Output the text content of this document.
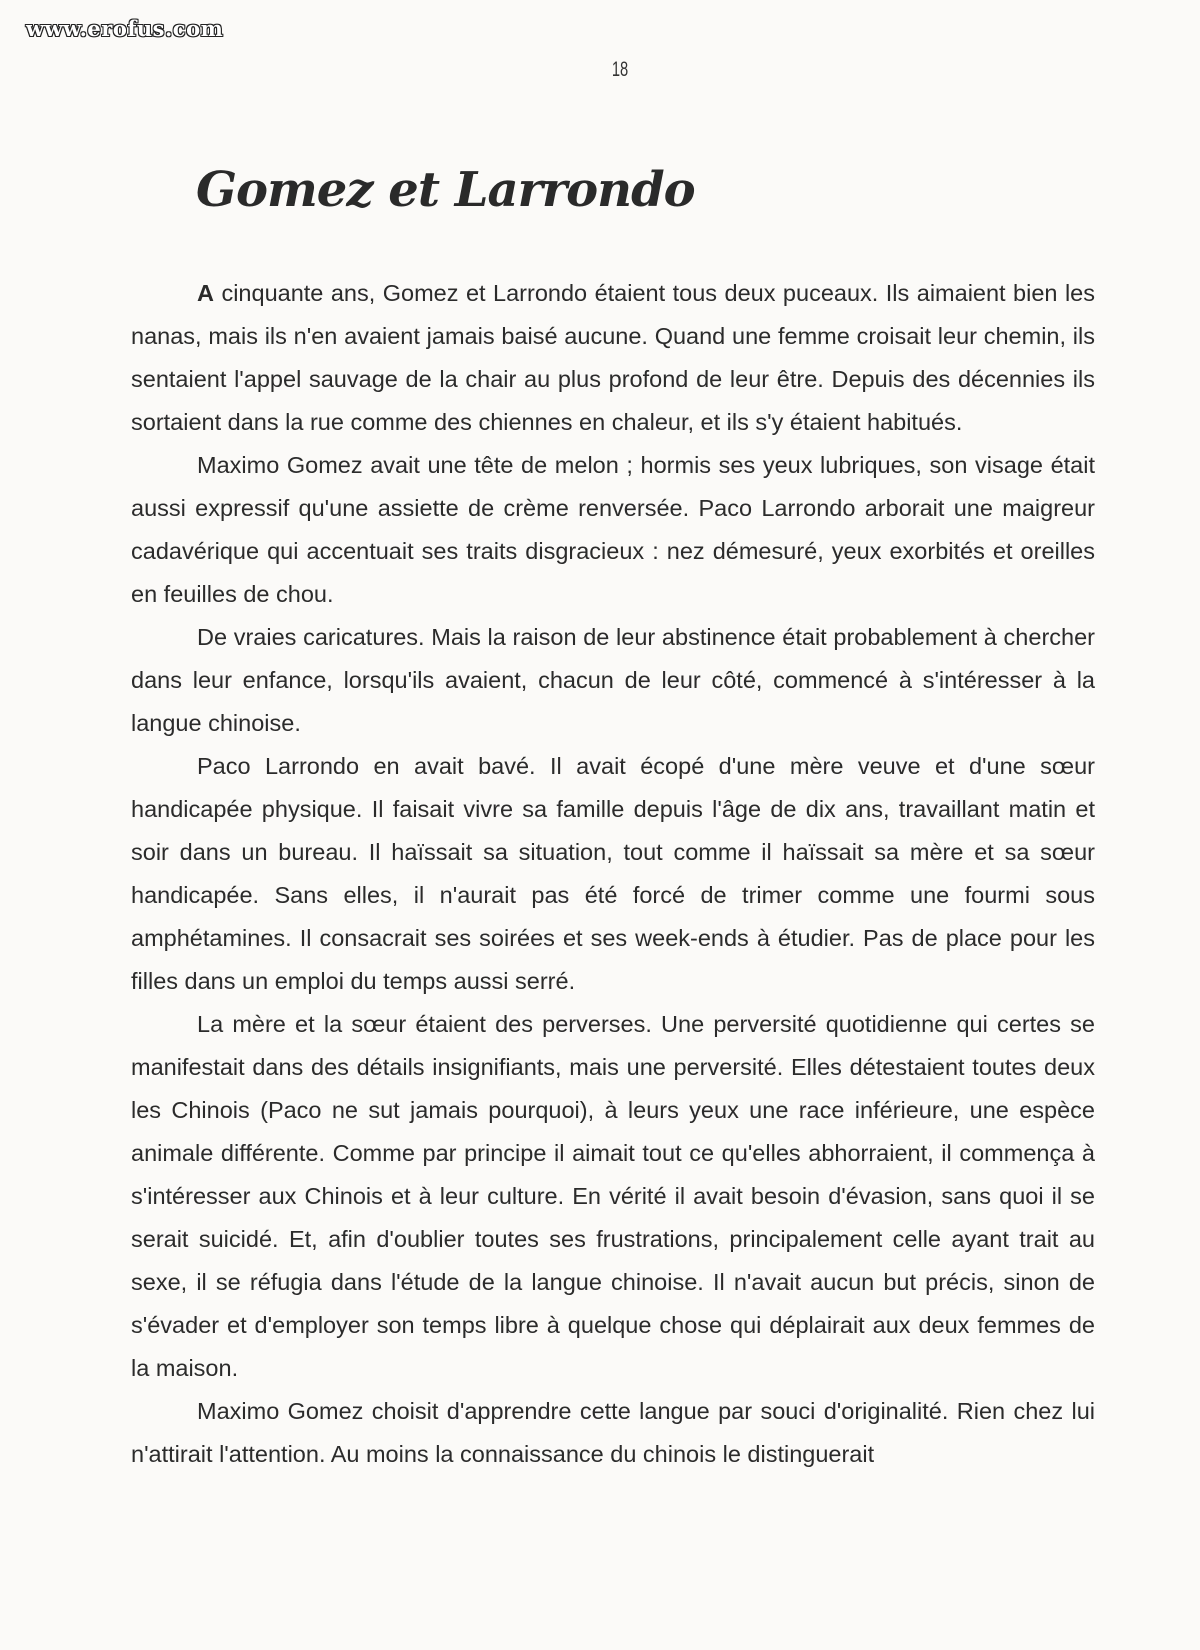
www.erofus.com
18
Gomez et Larrondo

A cinquante ans, Gomez et Larrondo étaient tous deux puceaux. Ils aimaient bien les nanas, mais ils n'en avaient jamais baisé aucune. Quand une femme croisait leur chemin, ils sentaient l'appel sauvage de la chair au plus profond de leur être. Depuis des décennies ils sortaient dans la rue comme des chiennes en chaleur, et ils s'y étaient habitués.

Maximo Gomez avait une tête de melon ; hormis ses yeux lubriques, son visage était aussi expressif qu'une assiette de crème renversée. Paco Larrondo arborait une maigreur cadavérique qui accentuait ses traits disgracieux : nez démesuré, yeux exorbités et oreilles en feuilles de chou.

De vraies caricatures. Mais la raison de leur abstinence était probablement à chercher dans leur enfance, lorsqu'ils avaient, chacun de leur côté, commencé à s'intéresser à la langue chinoise.

Paco Larrondo en avait bavé. Il avait écopé d'une mère veuve et d'une sœur handicapée physique. Il faisait vivre sa famille depuis l'âge de dix ans, travaillant matin et soir dans un bureau. Il haïssait sa situation, tout comme il haïssait sa mère et sa sœur handicapée. Sans elles, il n'aurait pas été forcé de trimer comme une fourmi sous amphétamines. Il consacrait ses soirées et ses week-ends à étudier. Pas de place pour les filles dans un emploi du temps aussi serré.

La mère et la sœur étaient des perverses. Une perversité quotidienne qui certes se manifestait dans des détails insignifiants, mais une perversité. Elles détestaient toutes deux les Chinois (Paco ne sut jamais pourquoi), à leurs yeux une race inférieure, une espèce animale différente. Comme par principe il aimait tout ce qu'elles abhorraient, il commença à s'intéresser aux Chinois et à leur culture. En vérité il avait besoin d'évasion, sans quoi il se serait suicidé. Et, afin d'oublier toutes ses frustrations, principalement celle ayant trait au sexe, il se réfugia dans l'étude de la langue chinoise. Il n'avait aucun but précis, sinon de s'évader et d'employer son temps libre à quelque chose qui déplairait aux deux femmes de la maison.

Maximo Gomez choisit d'apprendre cette langue par souci d'originalité. Rien chez lui n'attirait l'attention. Au moins la connaissance du chinois le distinguerait
